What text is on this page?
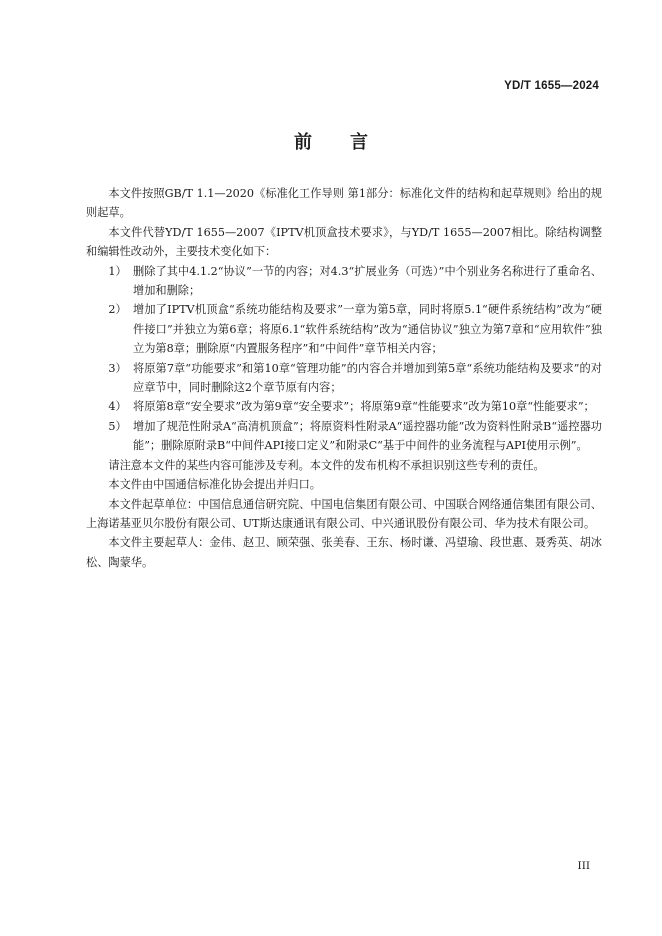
YD/T 1655—2024
前言

本文件按照GB/T 1.1—2020《标准化工作导则 第1部分：标准化文件的结构和起草规则》给出的规则起草。

本文件代替YD/T 1655—2007《IPTV机顶盒技术要求》，与YD/T 1655—2007相比。除结构调整和编辑性改动外，主要技术变化如下：

1） 删除了其中4.1.2“协议”一节的内容；对4.3“扩展业务（可选）”中个别业务名称进行了重命名、增加和删除；
2） 增加了IPTV机顶盒“系统功能结构及要求”一章为第5章，同时将原5.1“硬件系统结构”改为“硬件接口”并独立为第6章；将原6.1“软件系统结构”改为“通信协议”独立为第7章和“应用软件”独立为第8章；删除原“内置服务程序”和“中间件”章节相关内容；
3） 将原第7章“功能要求”和第10章“管理功能”的内容合并增加到第5章“系统功能结构及要求”的对应章节中，同时删除这2个章节原有内容；
4） 将原第8章“安全要求”改为第9章“安全要求”；将原第9章“性能要求”改为第10章“性能要求”；
5） 增加了规范性附录A“高清机顶盒”；将原资料性附录A“遥控器功能”改为资料性附录B“遥控器功能”；删除原附录B“中间件API接口定义”和附录C“基于中间件的业务流程与API使用示例”。

请注意本文件的某些内容可能涉及专利。本文件的发布机构不承担识别这些专利的责任。

本文件由中国通信标准化协会提出并归口。

本文件起草单位：中国信息通信研究院、中国电信集团有限公司、中国联合网络通信集团有限公司、上海诺基亚贝尔股份有限公司、UT斯达康通讯有限公司、中兴通讯股份有限公司、华为技术有限公司。

本文件主要起草人：金伟、赵卫、顾荣强、张美春、王东、杨时谦、冯望瑜、段世惠、聂秀英、胡冰松、陶蒙华。

III
